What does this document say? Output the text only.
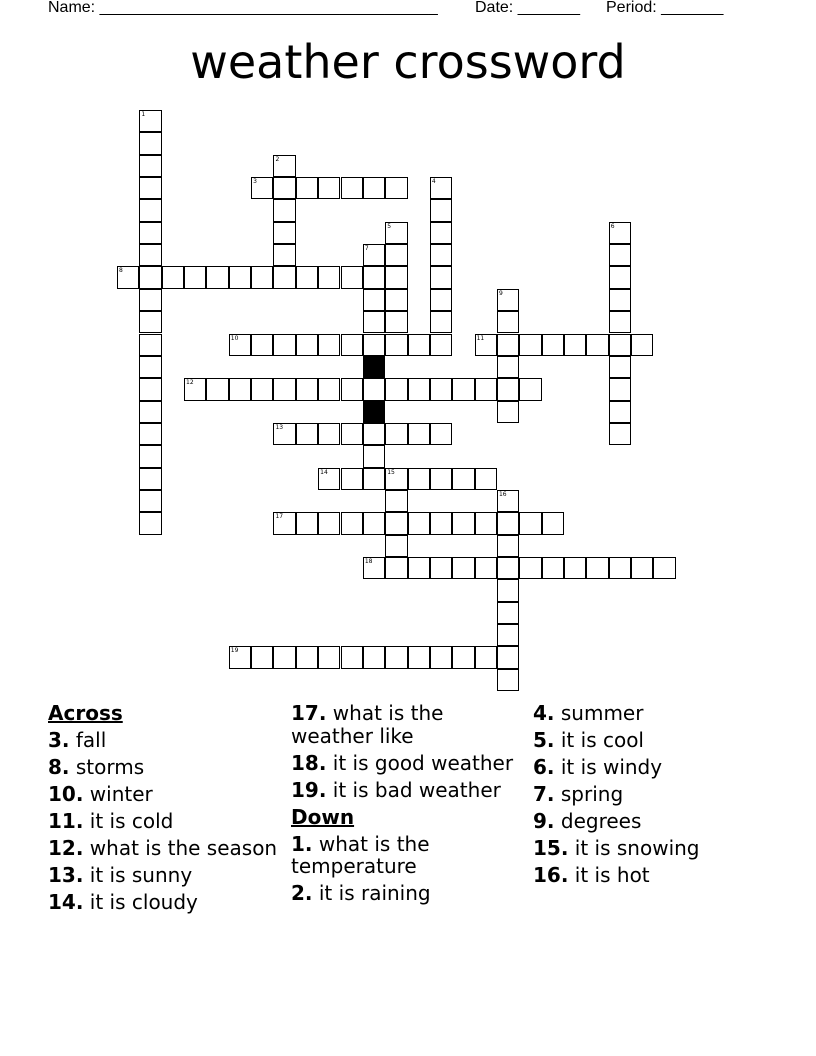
Name: ______________________________________ Date: _______ Period: _______
weather crossword
1
2
3	4
5	6
7
8
9
10	11
12
13
14	15
16
17
18
19
Across
3. fall
8. storms
10. winter
11. it is cold
12. what is the season
13. it is sunny
14. it is cloudy
17. what is the weather like
18. it is good weather
19. it is bad weather
Down
1. what is the temperature
2. it is raining
4. summer
5. it is cool
6. it is windy
7. spring
9. degrees
15. it is snowing
16. it is hot
